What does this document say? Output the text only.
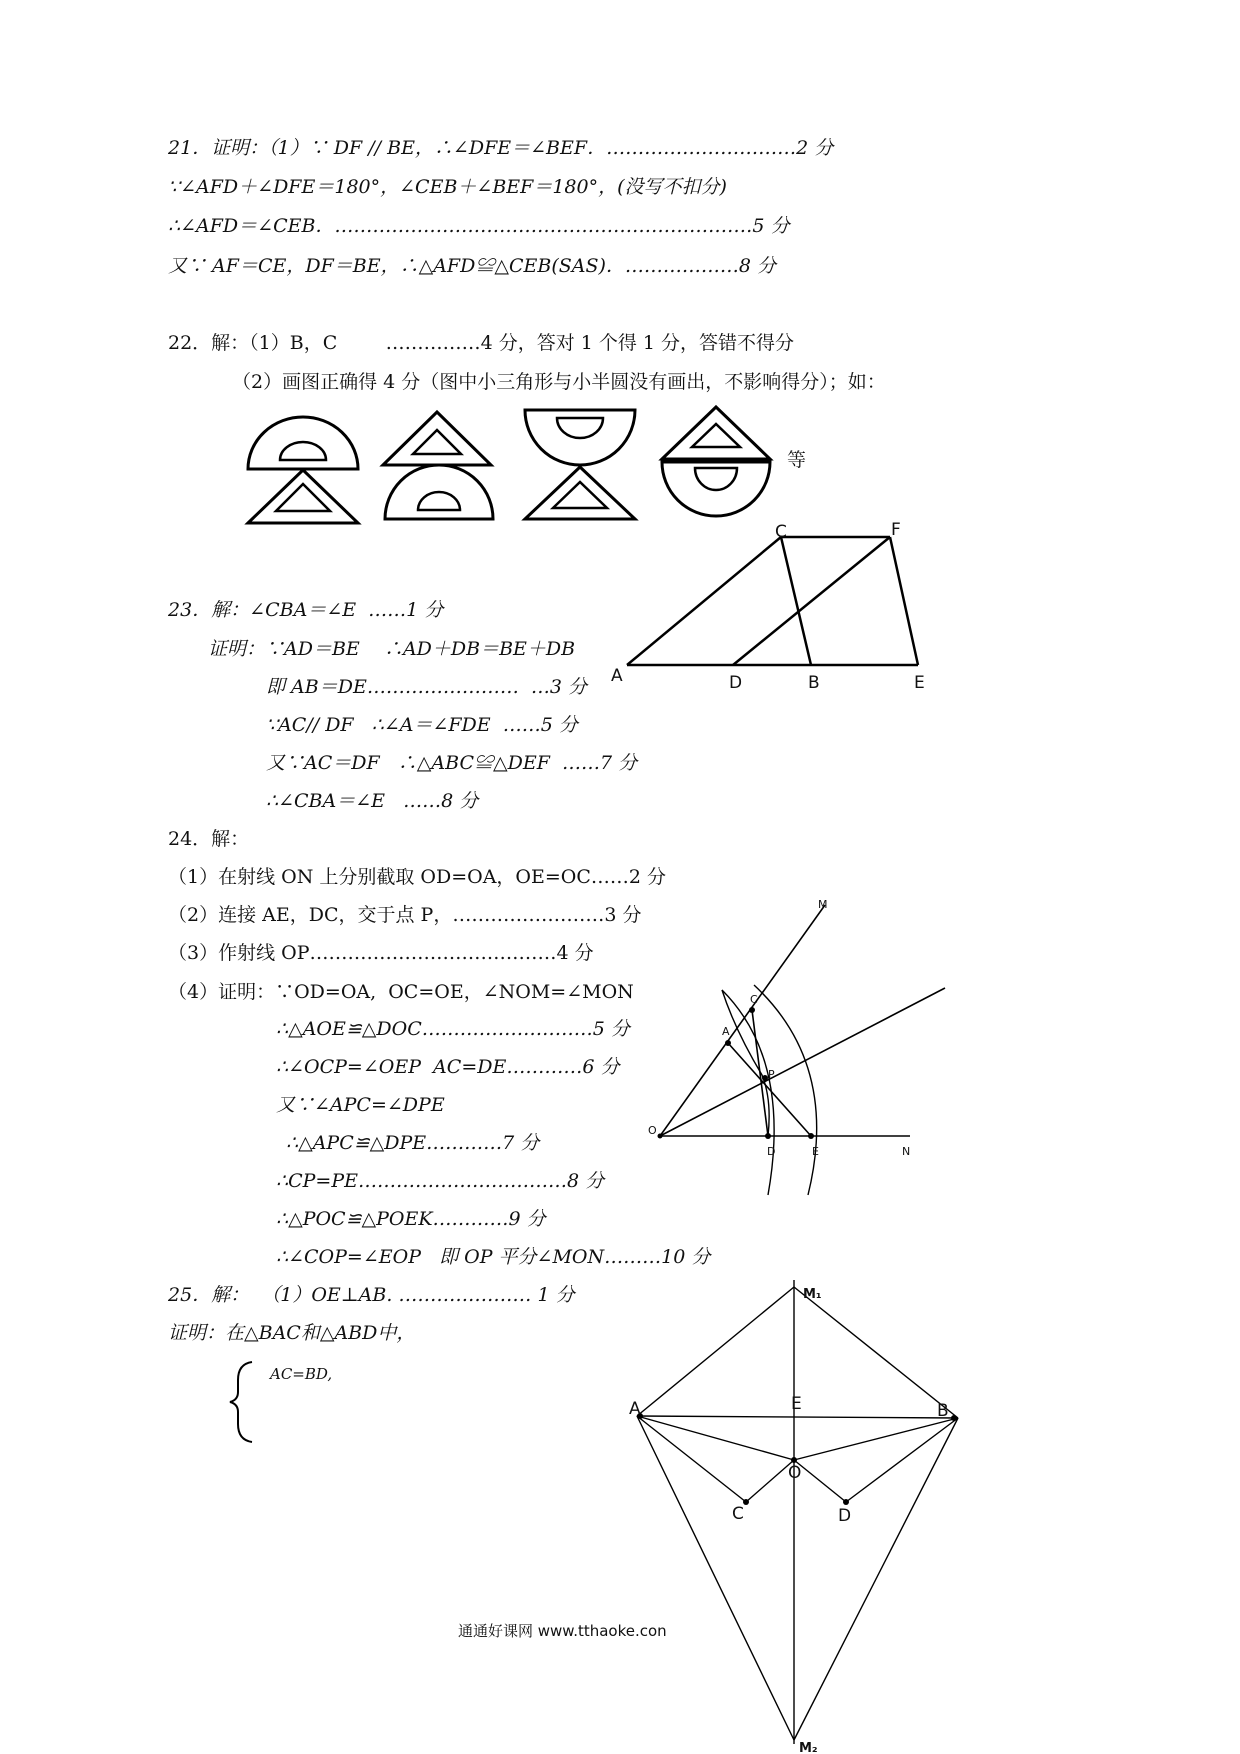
21．证明：（1）∵ DF // BE，∴∠DFE＝∠BEF．…………………………2 分
∵∠AFD＋∠DFE＝180°，∠CEB＋∠BEF＝180°，(没写不扣分)
∴∠AFD＝∠CEB．…………………………………………………………5 分
又∵ AF＝CE，DF＝BE，∴△AFD≌△CEB(SAS)．………………8 分
22．解：（1）B，C        ……………4 分，答对 1 个得 1 分，答错不得分
（2）画图正确得 4 分（图中小三角形与小半圆没有画出，不影响得分）；如：
等
C	F
A	D	B	E
M
C
A
P
O
D	E	N
M₁
A	E	B
O
C	D
M₂
23．解：∠CBA＝∠E  ……1 分
证明：∵AD＝BE    ∴AD＋DB＝BE＋DB
即 AB＝DE……………………  …3 分
∵AC// DF   ∴∠A＝∠FDE  ……5 分
又∵AC＝DF   ∴△ABC≌△DEF  ……7 分
∴∠CBA＝∠E   ……8 分
24．解：
（1）在射线 ON 上分别截取 OD=OA，OE=OC……2 分
（2）连接 AE，DC，交于点 P，……………………3 分
（3）作射线 OP…………………………………4 分
（4）证明：∵OD=OA,  OC=OE，∠NOM=∠MON
∴△AOE≌△DOC………………………5 分
∴∠OCP=∠OEP  AC=DE…………6 分
又∵∠APC=∠DPE
∴△APC≌△DPE…………7 分
∴CP=PE……………………………8 分
∴△POC≌△POEK…………9 分
∴∠COP=∠EOP   即 OP 平分∠MON………10 分
25．解：  （1）OE⊥AB. ………………… 1 分
证明：在△BAC和△ABD中，
AC=BD,
通通好课网 www.tthaoke.con
